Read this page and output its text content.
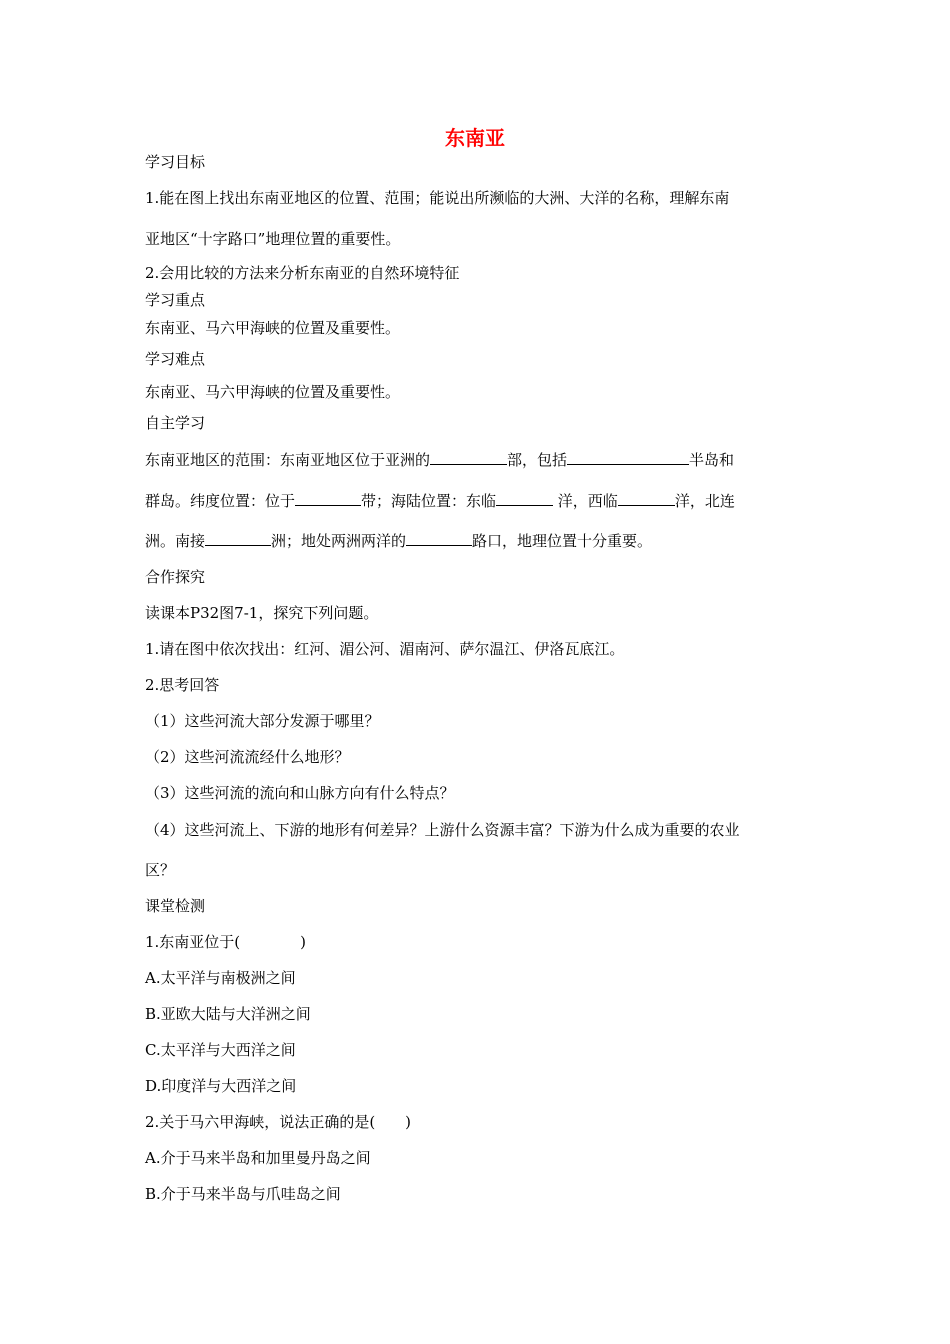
东南亚
学习目标
1.能在图上找出东南亚地区的位置、范围；能说出所濒临的大洲、大洋的名称，理解东南
亚地区“十字路口”地理位置的重要性。
2.会用比较的方法来分析东南亚的自然环境特征
学习重点
东南亚、马六甲海峡的位置及重要性。
学习难点
东南亚、马六甲海峡的位置及重要性。
自主学习
东南亚地区的范围：东南亚地区位于亚洲的	部，包括	半岛和
群岛。纬度位置：位于	带；海陆位置：东临	洋，西临	洋，北连
洲。南接	洲；地处两洲两洋的	路口，地理位置十分重要。
合作探究
读课本P32图7-1，探究下列问题。
1.请在图中依次找出：红河、湄公河、湄南河、萨尔温江、伊洛瓦底江。
2.思考回答
（1）这些河流大部分发源于哪里？
（2）这些河流流经什么地形？
（3）这些河流的流向和山脉方向有什么特点？
（4）这些河流上、下游的地形有何差异？上游什么资源丰富？下游为什么成为重要的农业
区？
课堂检测
1.东南亚位于(　　　　)
A.太平洋与南极洲之间
B.亚欧大陆与大洋洲之间
C.太平洋与大西洋之间
D.印度洋与大西洋之间
2.关于马六甲海峡，说法正确的是(　　)
A.介于马来半岛和加里曼丹岛之间
B.介于马来半岛与爪哇岛之间
